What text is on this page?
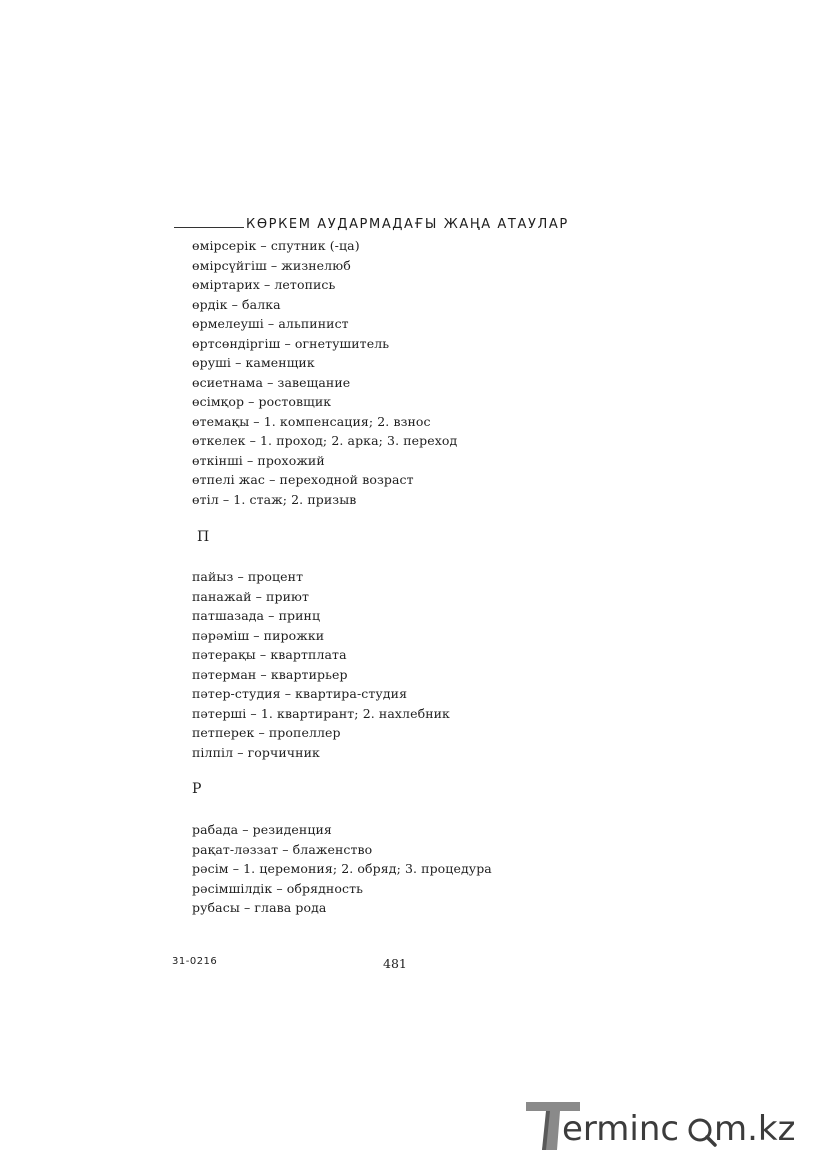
КӨРКЕМ АУДАРМАДАҒЫ ЖАҢА АТАУЛАР
өмірсерік – спутник (-ца)
өмірсүйгіш – жизнелюб
өміртарих – летопись
өрдік – балка
өрмелеуші – альпинист
өртсөндіргіш – огнетушитель
өруші – каменщик
өсиетнама – завещание
өсімқор – ростовщик
өтемақы – 1. компенсация; 2. взнос
өткелек – 1. проход; 2. арка; 3. переход
өткінші – прохожий
өтпелі жас – переходной возраст
өтіл – 1. стаж; 2. призыв
П
пайыз – процент
панажай – приют
патшазада – принц
пәрәміш – пирожки
пәтерақы – квартплата
пәтерман – квартирьер
пәтер-студия – квартира-студия
пәтерші – 1. квартирант; 2. нахлебник
петперек – пропеллер
пілпіл – горчичник
Р
рабада – резиденция
рақат-ләззат – блаженство
рәсім – 1. церемония; 2. обряд; 3. процедура
рәсімшілдік – обрядность
рубасы – глава рода
31-0216	481
erminc m.kz
